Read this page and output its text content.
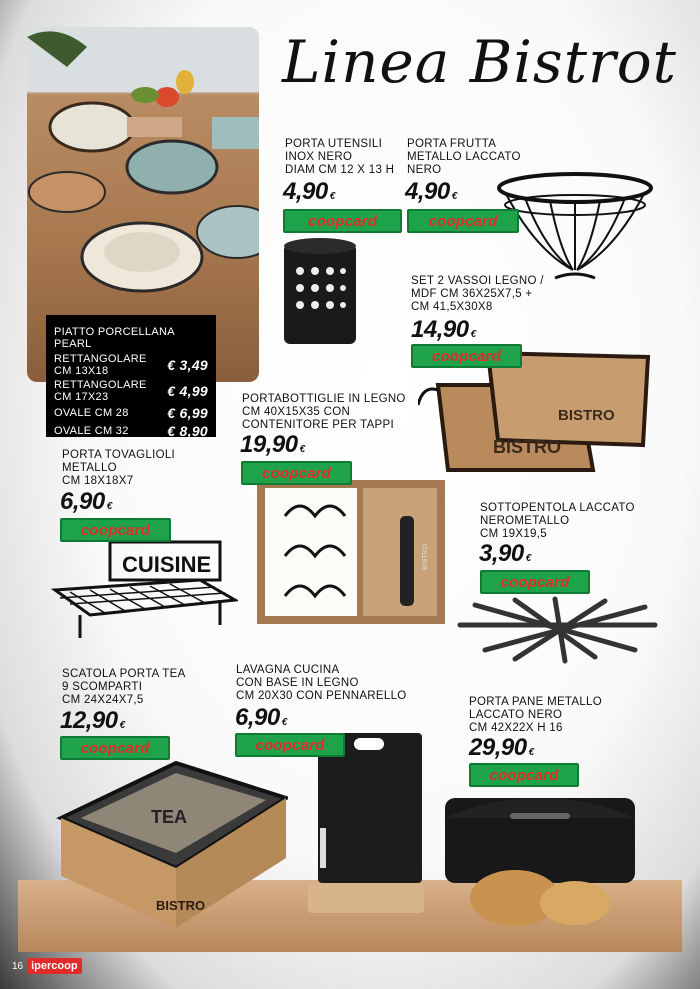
PIATTO PORCELLANA PEARL
RETTANGOLARE
CM 13X18	€ 3,49
RETTANGOLARE
CM 17X23	€ 4,99
OVALE CM 28	€ 6,99
OVALE CM 32	€ 8,90
Linea Bistrot
BISTRO
BISTRO
BISTRO
CUISINE
TEA
BISTRO
PORTA UTENSILI
INOX NERO
DIAM CM 12 X 13 H
4,90 €
coopcard
PORTA FRUTTA
METALLO LACCATO
NERO
4,90 €
coopcard
SET 2 VASSOI LEGNO /
MDF CM 36X25X7,5 +
CM 41,5X30X8
14,90 €
coopcard
PORTABOTTIGLIE IN LEGNO
CM 40X15X35 CON
CONTENITORE PER TAPPI
19,90 €
coopcard
PORTA TOVAGLIOLI
METALLO
CM 18X18X7
6,90 €
coopcard
SOTTOPENTOLA LACCATO
NEROMETALLO
CM 19X19,5
3,90 €
coopcard
SCATOLA PORTA TEA
9 SCOMPARTI
CM 24X24X7,5
12,90 €
coopcard
LAVAGNA CUCINA
CON BASE IN LEGNO
CM 20X30 CON PENNARELLO
6,90 €
coopcard
PORTA PANE METALLO
LACCATO NERO
CM 42X22X H 16
29,90 €
coopcard
16 ipercoop
